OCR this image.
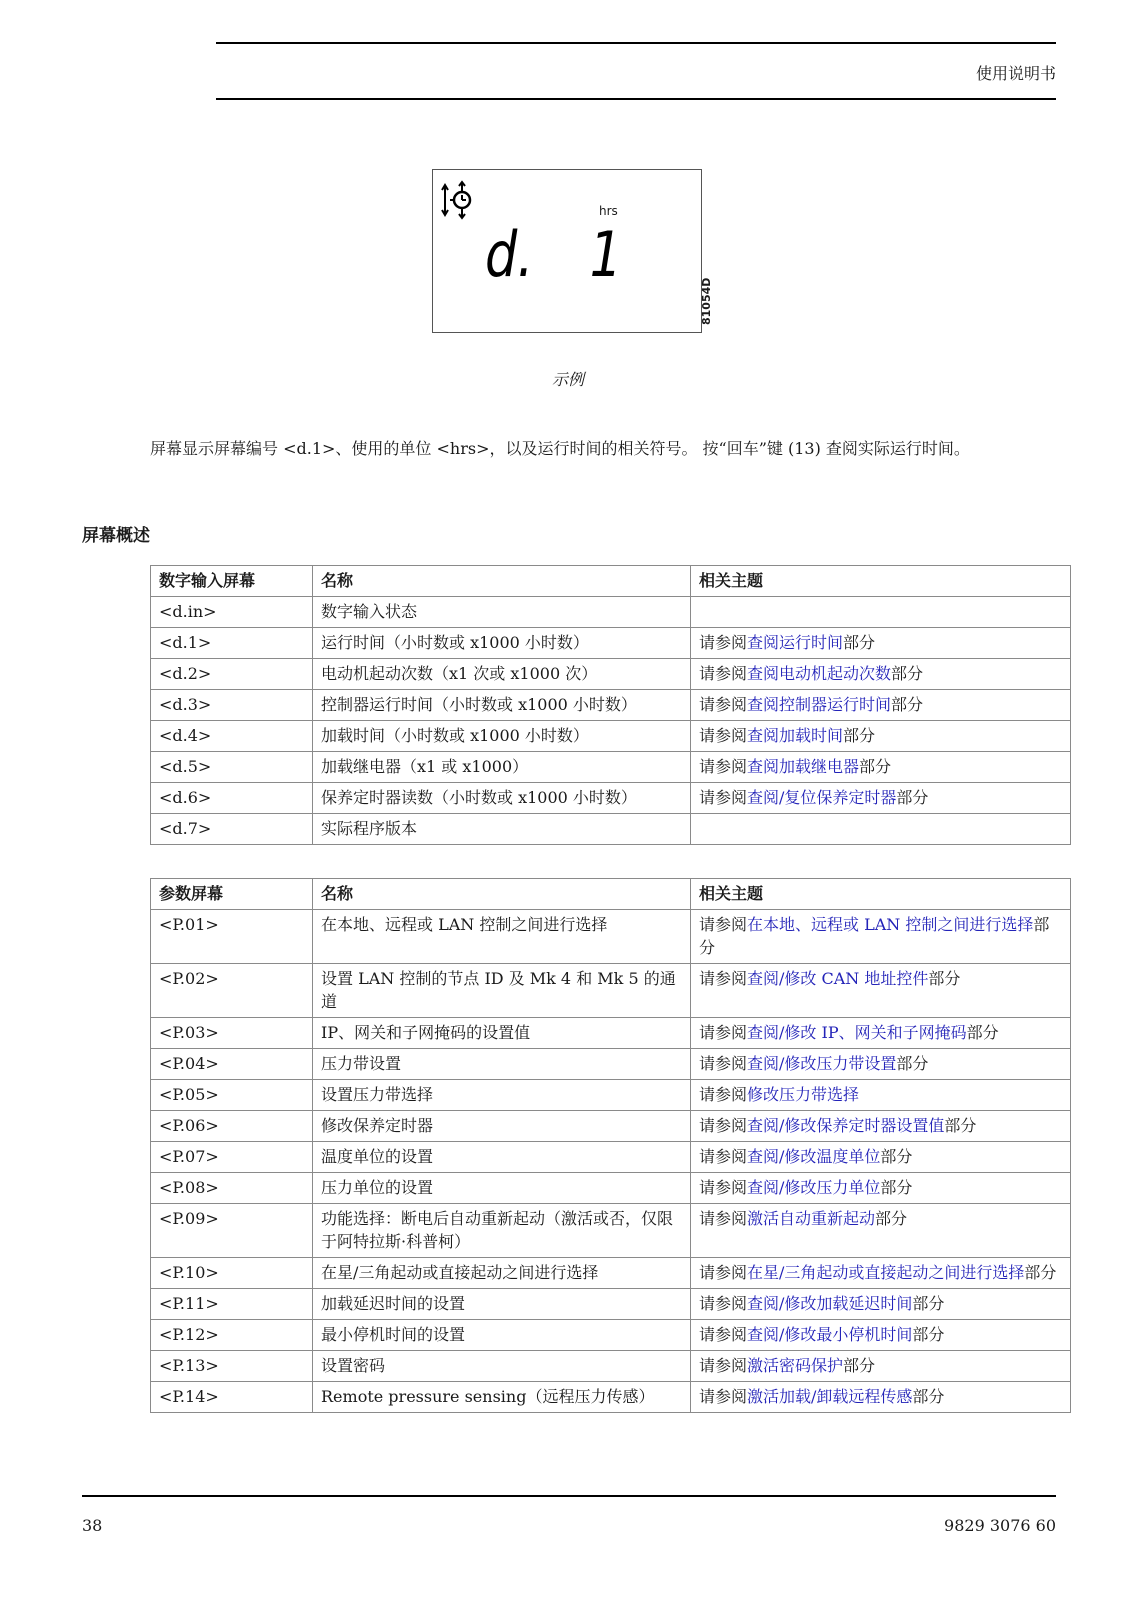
使用说明书
hrs
d. 1
81054D
示例

屏幕显示屏幕编号 <d.1>、使用的单位 <hrs>，以及运行时间的相关符号。 按“回车”键 (13) 查阅实际运行时间。

屏幕概述
数字输入屏幕	名称	相关主题
<d.in>	数字输入状态	
<d.1>	运行时间（小时数或 x1000 小时数）	请参阅查阅运行时间部分
<d.2>	电动机起动次数（x1 次或 x1000 次）	请参阅查阅电动机起动次数部分
<d.3>	控制器运行时间（小时数或 x1000 小时数）	请参阅查阅控制器运行时间部分
<d.4>	加载时间（小时数或 x1000 小时数）	请参阅查阅加载时间部分
<d.5>	加载继电器（x1 或 x1000）	请参阅查阅加载继电器部分
<d.6>	保养定时器读数（小时数或 x1000 小时数）	请参阅查阅/复位保养定时器部分
<d.7>	实际程序版本	
参数屏幕	名称	相关主题
<P.01>	在本地、远程或 LAN 控制之间进行选择	请参阅在本地、远程或 LAN 控制之间进行选择部分
<P.02>	设置 LAN 控制的节点 ID 及 Mk 4 和 Mk 5 的通道	请参阅查阅/修改 CAN 地址控件部分
<P.03>	IP、网关和子网掩码的设置值	请参阅查阅/修改 IP、网关和子网掩码部分
<P.04>	压力带设置	请参阅查阅/修改压力带设置部分
<P.05>	设置压力带选择	请参阅修改压力带选择
<P.06>	修改保养定时器	请参阅查阅/修改保养定时器设置值部分
<P.07>	温度单位的设置	请参阅查阅/修改温度单位部分
<P.08>	压力单位的设置	请参阅查阅/修改压力单位部分
<P.09>	功能选择：断电后自动重新起动（激活或否，仅限于阿特拉斯·科普柯）	请参阅激活自动重新起动部分
<P.10>	在星/三角起动或直接起动之间进行选择	请参阅在星/三角起动或直接起动之间进行选择部分
<P.11>	加载延迟时间的设置	请参阅查阅/修改加载延迟时间部分
<P.12>	最小停机时间的设置	请参阅查阅/修改最小停机时间部分
<P.13>	设置密码	请参阅激活密码保护部分
<P.14>	Remote pressure sensing（远程压力传感）	请参阅激活加载/卸载远程传感部分
38	9829 3076 60
